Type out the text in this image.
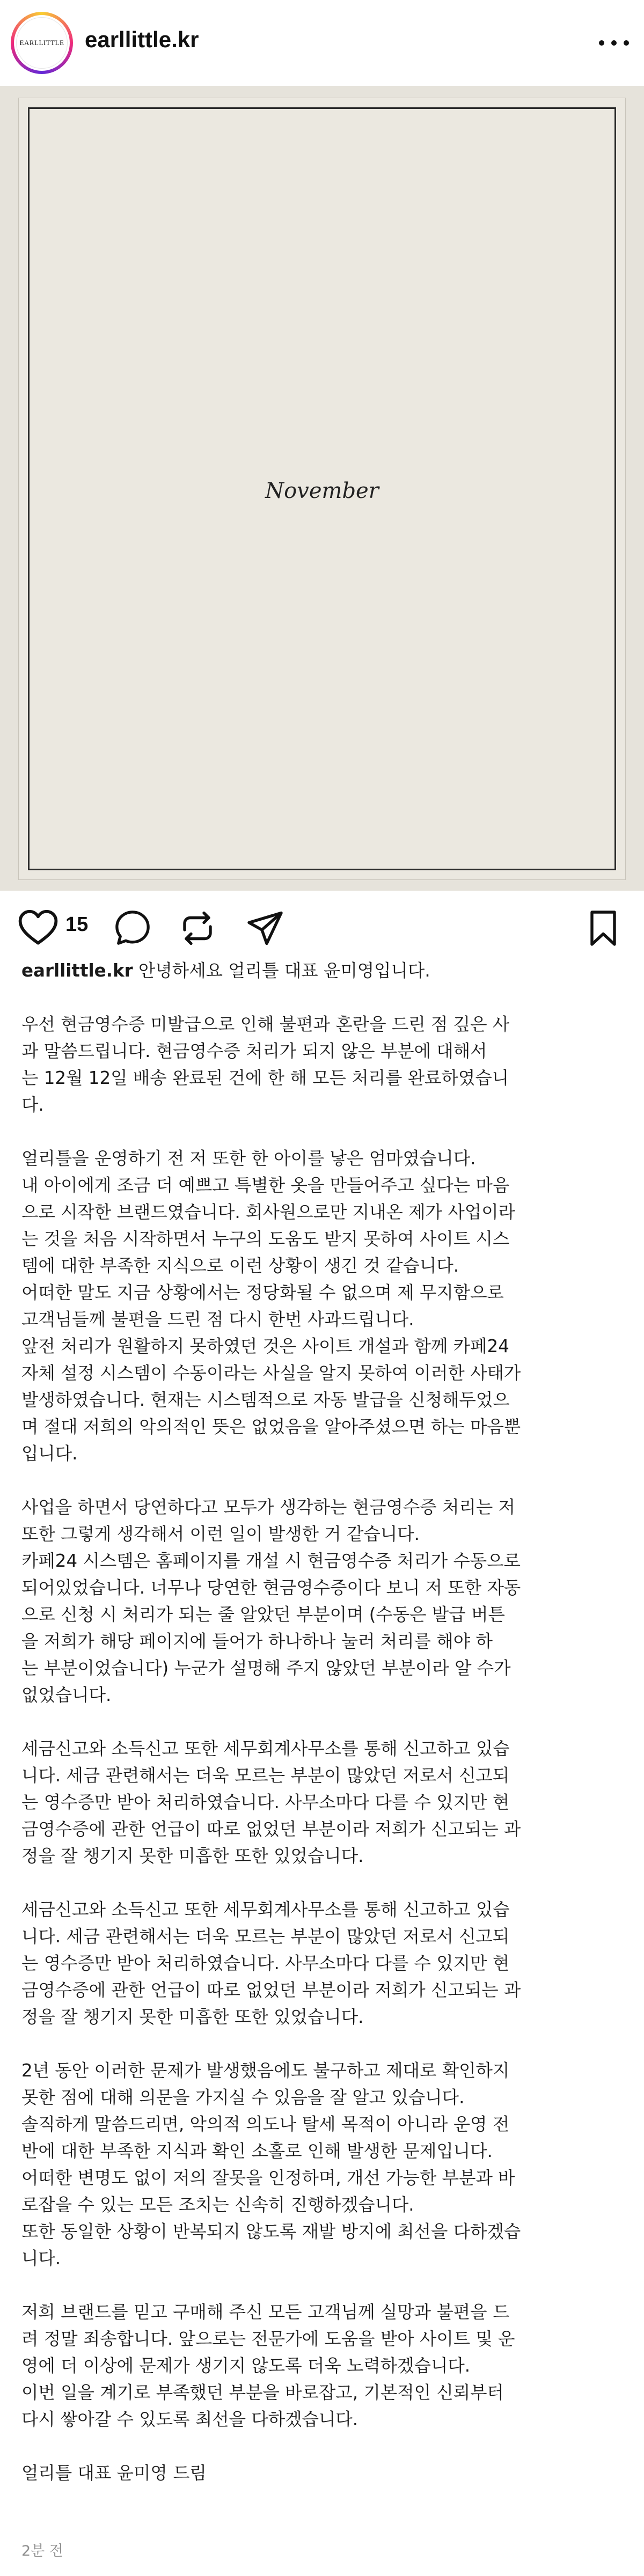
EARLLITTLE earllittle.kr
November
15
earllittle.kr 안녕하세요 얼리틀 대표 윤미영입니다.
우선 현금영수증 미발급으로 인해 불편과 혼란을 드린 점 깊은 사
과 말씀드립니다. 현금영수증 처리가 되지 않은 부분에 대해서
는 12월 12일 배송 완료된 건에 한 해 모든 처리를 완료하였습니
다.
얼리틀을 운영하기 전 저 또한 한 아이를 낳은 엄마였습니다.
내 아이에게 조금 더 예쁘고 특별한 옷을 만들어주고 싶다는 마음
으로 시작한 브랜드였습니다. 회사원으로만 지내온 제가 사업이라
는 것을 처음 시작하면서 누구의 도움도 받지 못하여 사이트 시스
템에 대한 부족한 지식으로 이런 상황이 생긴 것 같습니다.
어떠한 말도 지금 상황에서는 정당화될 수 없으며 제 무지함으로
고객님들께 불편을 드린 점 다시 한번 사과드립니다.
앞전 처리가 원활하지 못하였던 것은 사이트 개설과 함께 카페24
자체 설정 시스템이 수동이라는 사실을 알지 못하여 이러한 사태가
발생하였습니다. 현재는 시스템적으로 자동 발급을 신청해두었으
며 절대 저희의 악의적인 뜻은 없었음을 알아주셨으면 하는 마음뿐
입니다.
사업을 하면서 당연하다고 모두가 생각하는 현금영수증 처리는 저
또한 그렇게 생각해서 이런 일이 발생한 거 같습니다.
카페24 시스템은 홈페이지를 개설 시 현금영수증 처리가 수동으로
되어있었습니다. 너무나 당연한 현금영수증이다 보니 저 또한 자동
으로 신청 시 처리가 되는 줄 알았던 부분이며 (수동은 발급 버튼
을 저희가 해당 페이지에 들어가 하나하나 눌러 처리를 해야 하
는 부분이었습니다) 누군가 설명해 주지 않았던 부분이라 알 수가
없었습니다.
세금신고와 소득신고 또한 세무회계사무소를 통해 신고하고 있습
니다. 세금 관련해서는 더욱 모르는 부분이 많았던 저로서 신고되
는 영수증만 받아 처리하였습니다. 사무소마다 다를 수 있지만 현
금영수증에 관한 언급이 따로 없었던 부분이라 저희가 신고되는 과
정을 잘 챙기지 못한 미흡한 또한 있었습니다.
세금신고와 소득신고 또한 세무회계사무소를 통해 신고하고 있습
니다. 세금 관련해서는 더욱 모르는 부분이 많았던 저로서 신고되
는 영수증만 받아 처리하였습니다. 사무소마다 다를 수 있지만 현
금영수증에 관한 언급이 따로 없었던 부분이라 저희가 신고되는 과
정을 잘 챙기지 못한 미흡한 또한 있었습니다.
2년 동안 이러한 문제가 발생했음에도 불구하고 제대로 확인하지
못한 점에 대해 의문을 가지실 수 있음을 잘 알고 있습니다.
솔직하게 말씀드리면, 악의적 의도나 탈세 목적이 아니라 운영 전
반에 대한 부족한 지식과 확인 소홀로 인해 발생한 문제입니다.
어떠한 변명도 없이 저의 잘못을 인정하며, 개선 가능한 부분과 바
로잡을 수 있는 모든 조치는 신속히 진행하겠습니다.
또한 동일한 상황이 반복되지 않도록 재발 방지에 최선을 다하겠습
니다.
저희 브랜드를 믿고 구매해 주신 모든 고객님께 실망과 불편을 드
려 정말 죄송합니다. 앞으로는 전문가에 도움을 받아 사이트 및 운
영에 더 이상에 문제가 생기지 않도록 더욱 노력하겠습니다.
이번 일을 계기로 부족했던 부분을 바로잡고, 기본적인 신뢰부터
다시 쌓아갈 수 있도록 최선을 다하겠습니다.
얼리틀 대표 윤미영 드림
2분 전
